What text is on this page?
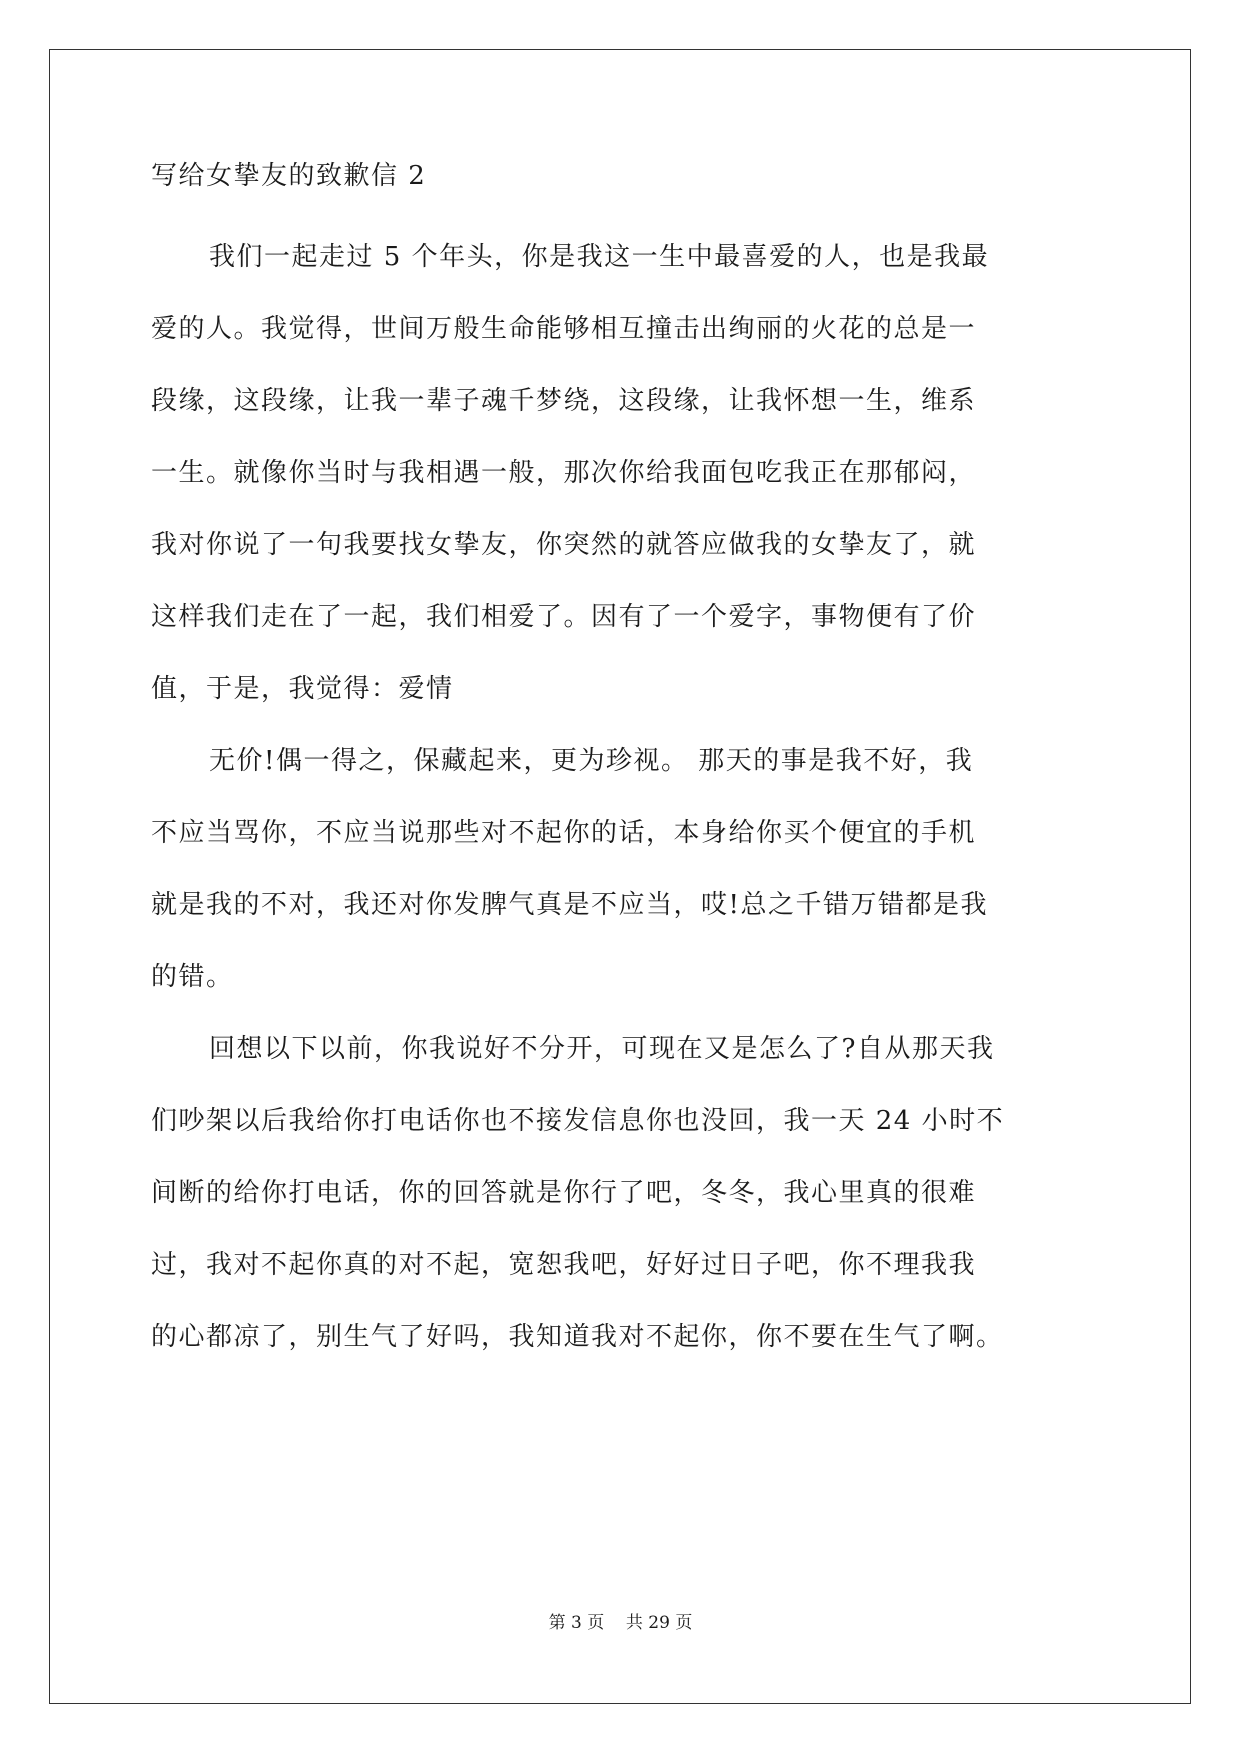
写给女挚友的致歉信 2
我们一起走过 5 个年头，你是我这一生中最喜爱的人，也是我最
爱的人。我觉得，世间万般生命能够相互撞击出绚丽的火花的总是一
段缘，这段缘，让我一辈子魂千梦绕，这段缘，让我怀想一生，维系
一生。就像你当时与我相遇一般，那次你给我面包吃我正在那郁闷，
我对你说了一句我要找女挚友，你突然的就答应做我的女挚友了，就
这样我们走在了一起，我们相爱了。因有了一个爱字，事物便有了价
值，于是，我觉得：爱情
无价!偶一得之，保藏起来，更为珍视。 那天的事是我不好，我
不应当骂你，不应当说那些对不起你的话，本身给你买个便宜的手机
就是我的不对，我还对你发脾气真是不应当，哎!总之千错万错都是我
的错。
回想以下以前，你我说好不分开，可现在又是怎么了?自从那天我
们吵架以后我给你打电话你也不接发信息你也没回，我一天 24 小时不
间断的给你打电话，你的回答就是你行了吧，冬冬，我心里真的很难
过，我对不起你真的对不起，宽恕我吧，好好过日子吧，你不理我我
的心都凉了，别生气了好吗，我知道我对不起你，你不要在生气了啊。
第 3 页 共 29 页
